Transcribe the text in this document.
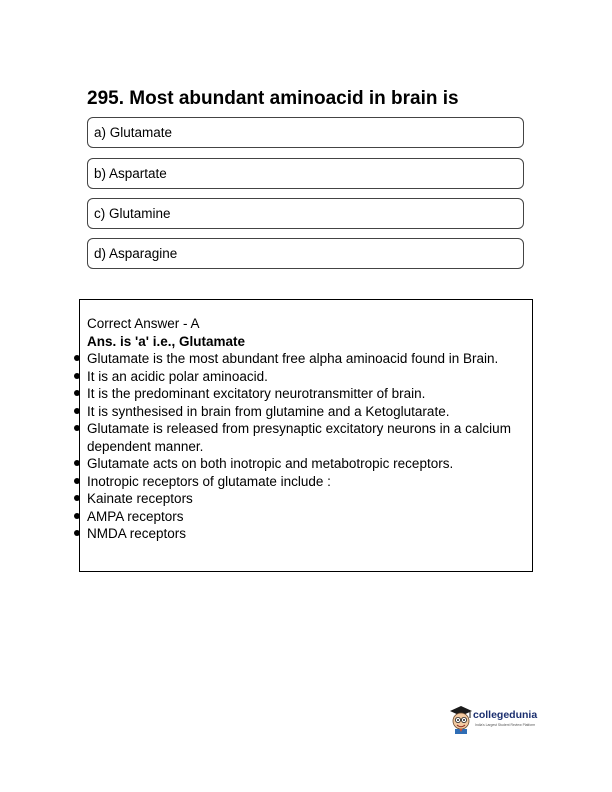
295. Most abundant aminoacid in brain is
a) Glutamate
b) Aspartate
c) Glutamine
d) Asparagine

Correct Answer - A

Ans. is 'a' i.e., Glutamate

Glutamate is the most abundant free alpha aminoacid found in Brain.
It is an acidic polar aminoacid.
It is the predominant excitatory neurotransmitter of brain.
It is synthesised in brain from glutamine and a Ketoglutarate.
Glutamate is released from presynaptic excitatory neurons in a calcium dependent manner.
Glutamate acts on both inotropic and metabotropic receptors.
Inotropic receptors of glutamate include :
Kainate receptors
AMPA receptors
NMDA receptors
collegedunia
India's Largest Student Review Platform
